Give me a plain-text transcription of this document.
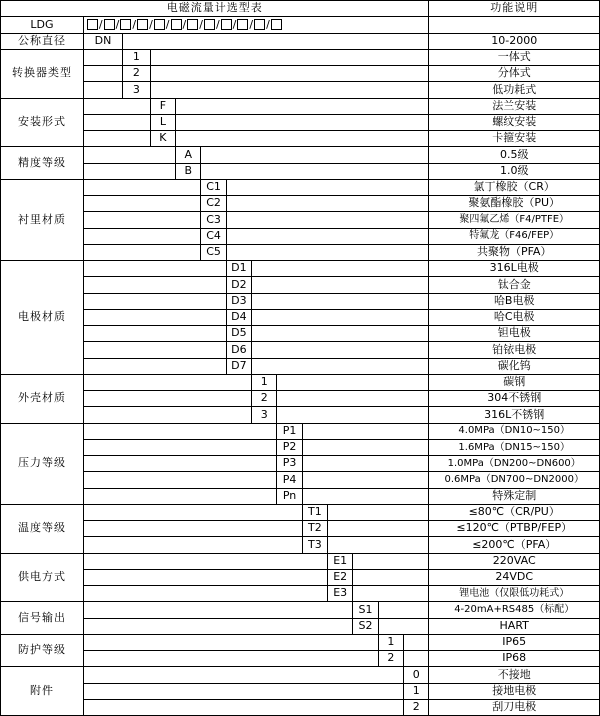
电磁流量计选型表														功能说明
LDG	/ / / / / / / / / / /

公称直径	DN													10-2000
转换器类型		1												一体式
		2												分体式
		3												低功耗式
安装形式			F											法兰安装
			L											螺纹安装
			K											卡箍安装
精度等级				A										0.5级
				B										1.0级
衬里材质					C1									氯丁橡胶（CR）
					C2									聚氨酯橡胶（PU）
					C3									聚四氟乙烯（F4/PTFE）
					C4									特氟龙（F46/FEP）
					C5									共聚物（PFA）
电极材质						D1								316L电极
						D2								钛合金
						D3								哈B电极
						D4								哈C电极
						D5								钽电极
						D6								铂铱电极
						D7								碳化钨
外壳材质							1							碳钢
							2							304不锈钢
							3							316L不锈钢
压力等级								P1						4.0MPa（DN10~150）
								P2						1.6MPa（DN15~150）
								P3						1.0MPa（DN200~DN600）
								P4						0.6MPa（DN700~DN2000）
								Pn						特殊定制
温度等级									T1					≤80℃（CR/PU）
									T2					≤120℃（PTBP/FEP）
									T3					≤200℃（PFA）
供电方式										E1				220VAC
										E2				24VDC
										E3				锂电池（仅限低功耗式）
信号输出											S1			4-20mA+RS485（标配）
											S2			HART
防护等级												1		IP65
												2		IP68
附件													0	不接地
													1	接地电极
													2	刮刀电极
